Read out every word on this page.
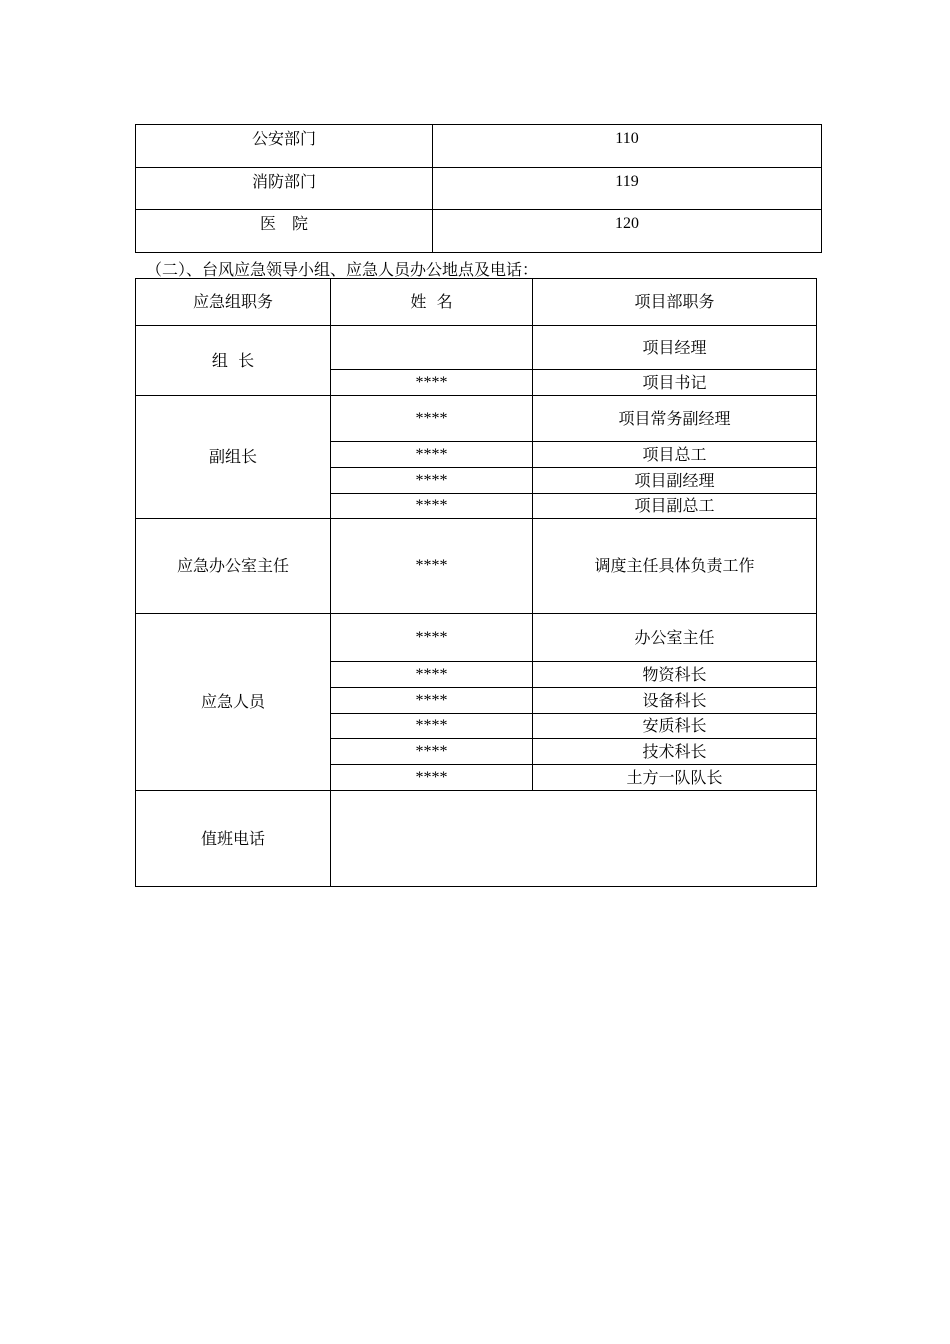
公安部门	110
消防部门	119
医　院	120
（二）、台风应急领导小组、应急人员办公地点及电话：
应急组职务	姓  名	项目部职务
组  长		项目经理
	****	项目书记
副组长	****	项目常务副经理
	****	项目总工
	****	项目副经理
	****	项目副总工
应急办公室主任	****	调度主任具体负责工作
应急人员	****	办公室主任
	****	物资科长
	****	设备科长
	****	安质科长
	****	技术科长
	****	土方一队队长
值班电话		
